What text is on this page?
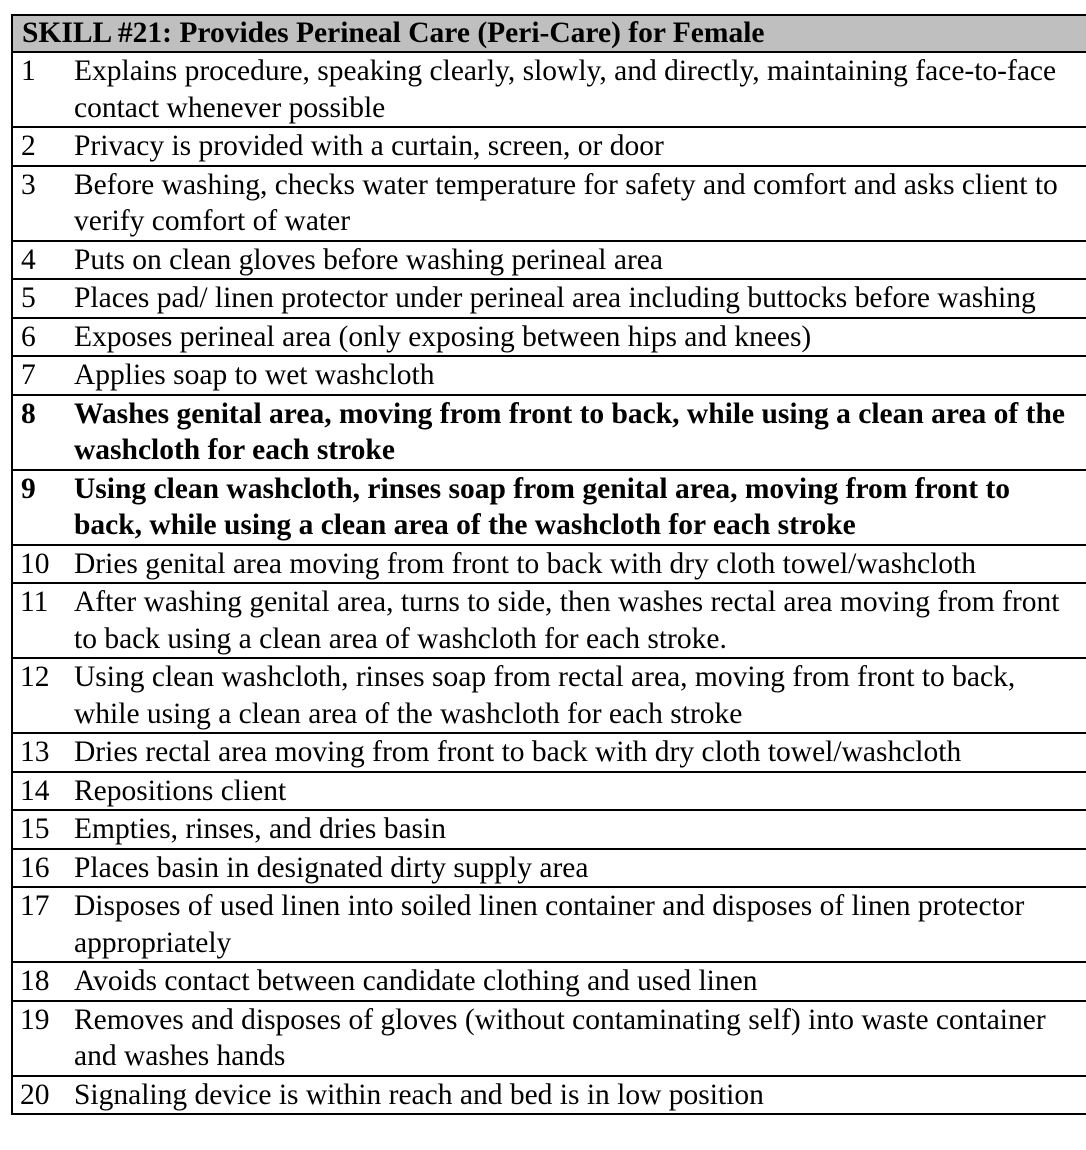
SKILL #21: Provides Perineal Care (Peri-Care) for Female	
1	Explains procedure, speaking clearly, slowly, and directly, maintaining face-to-face contact whenever possible
2	Privacy is provided with a curtain, screen, or door
3	Before washing, checks water temperature for safety and comfort and asks client to verify comfort of water
4	Puts on clean gloves before washing perineal area
5	Places pad/ linen protector under perineal area including buttocks before washing
6	Exposes perineal area (only exposing between hips and knees)
7	Applies soap to wet washcloth
8	Washes genital area, moving from front to back, while using a clean area of the washcloth for each stroke
9	Using clean washcloth, rinses soap from genital area, moving from front to back, while using a clean area of the washcloth for each stroke
10	Dries genital area moving from front to back with dry cloth towel/washcloth
11	After washing genital area, turns to side, then washes rectal area moving from front to back using a clean area of washcloth for each stroke.
12	Using clean washcloth, rinses soap from rectal area, moving from front to back, while using a clean area of the washcloth for each stroke
13	Dries rectal area moving from front to back with dry cloth towel/washcloth
14	Repositions client
15	Empties, rinses, and dries basin
16	Places basin in designated dirty supply area
17	Disposes of used linen into soiled linen container and disposes of linen protector appropriately
18	Avoids contact between candidate clothing and used linen
19	Removes and disposes of gloves (without contaminating self) into waste container and washes hands
20	Signaling device is within reach and bed is in low position
